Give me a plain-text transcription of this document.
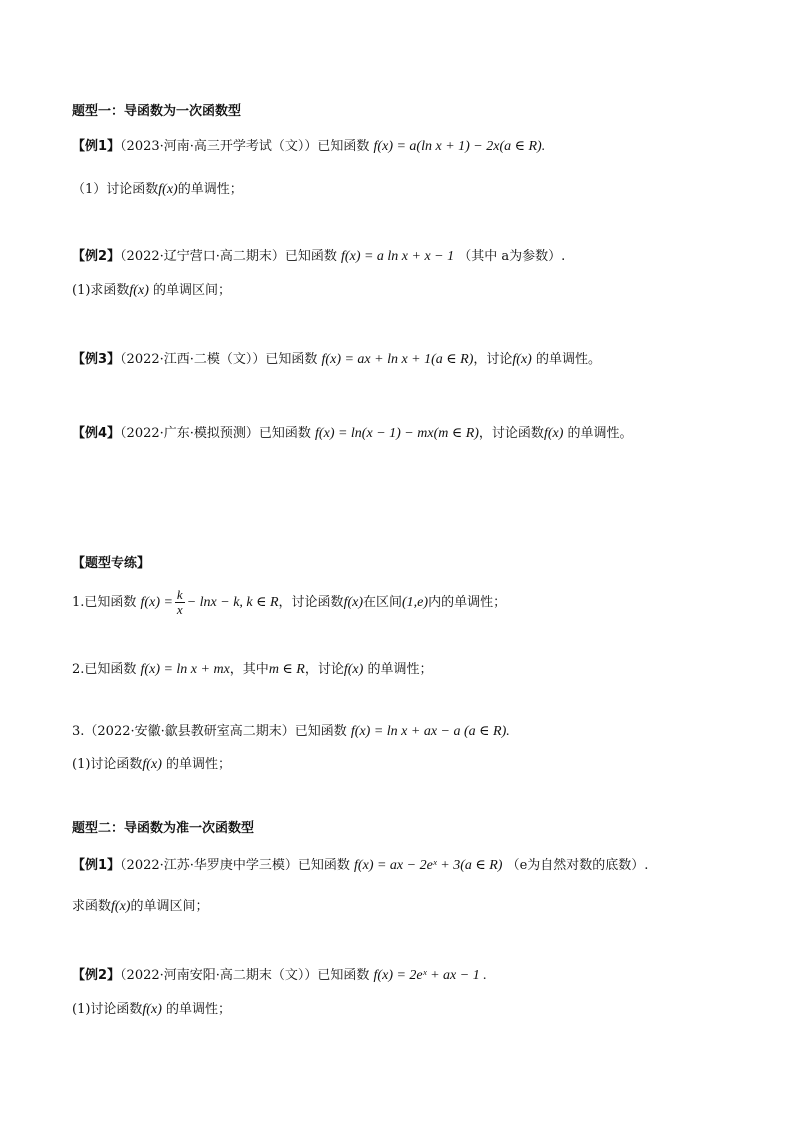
题型一：导函数为一次函数型
【例1】（2023·河南·高三开学考试（文））已知函数 f(x) = a(ln x + 1) − 2x(a ∈ R).
（1）讨论函数f(x)的单调性；
【例2】（2022·辽宁营口·高二期末）已知函数 f(x) = a ln x + x − 1 （其中 a为参数）.
(1)求函数f(x) 的单调区间；
【例3】（2022·江西·二模（文））已知函数 f(x) = ax + ln x + 1(a ∈ R)，讨论f(x) 的单调性。
【例4】（2022·广东·模拟预测）已知函数 f(x) = ln(x − 1) − mx(m ∈ R)，讨论函数f(x) 的单调性。
【题型专练】
1.已知函数 $f(x) = \frac{k}{x} - \ln x - k$, k ∈ R，讨论函数f(x)在区间(1,e)内的单调性；
2.已知函数 f(x) = ln x + mx，其中m ∈ R，讨论f(x) 的单调性；
3.（2022·安徽·歙县教研室高二期末）已知函数 f(x) = ln x + ax − a (a ∈ R).
(1)讨论函数f(x) 的单调性；
题型二：导函数为准一次函数型
【例1】（2022·江苏·华罗庚中学三模）已知函数 f(x) = ax − 2eˣ + 3(a ∈ R) （e为自然对数的底数）.
求函数f(x)的单调区间；
【例2】（2022·河南安阳·高二期末（文））已知函数 f(x) = 2eˣ + ax − 1 .
(1)讨论函数f(x) 的单调性；
